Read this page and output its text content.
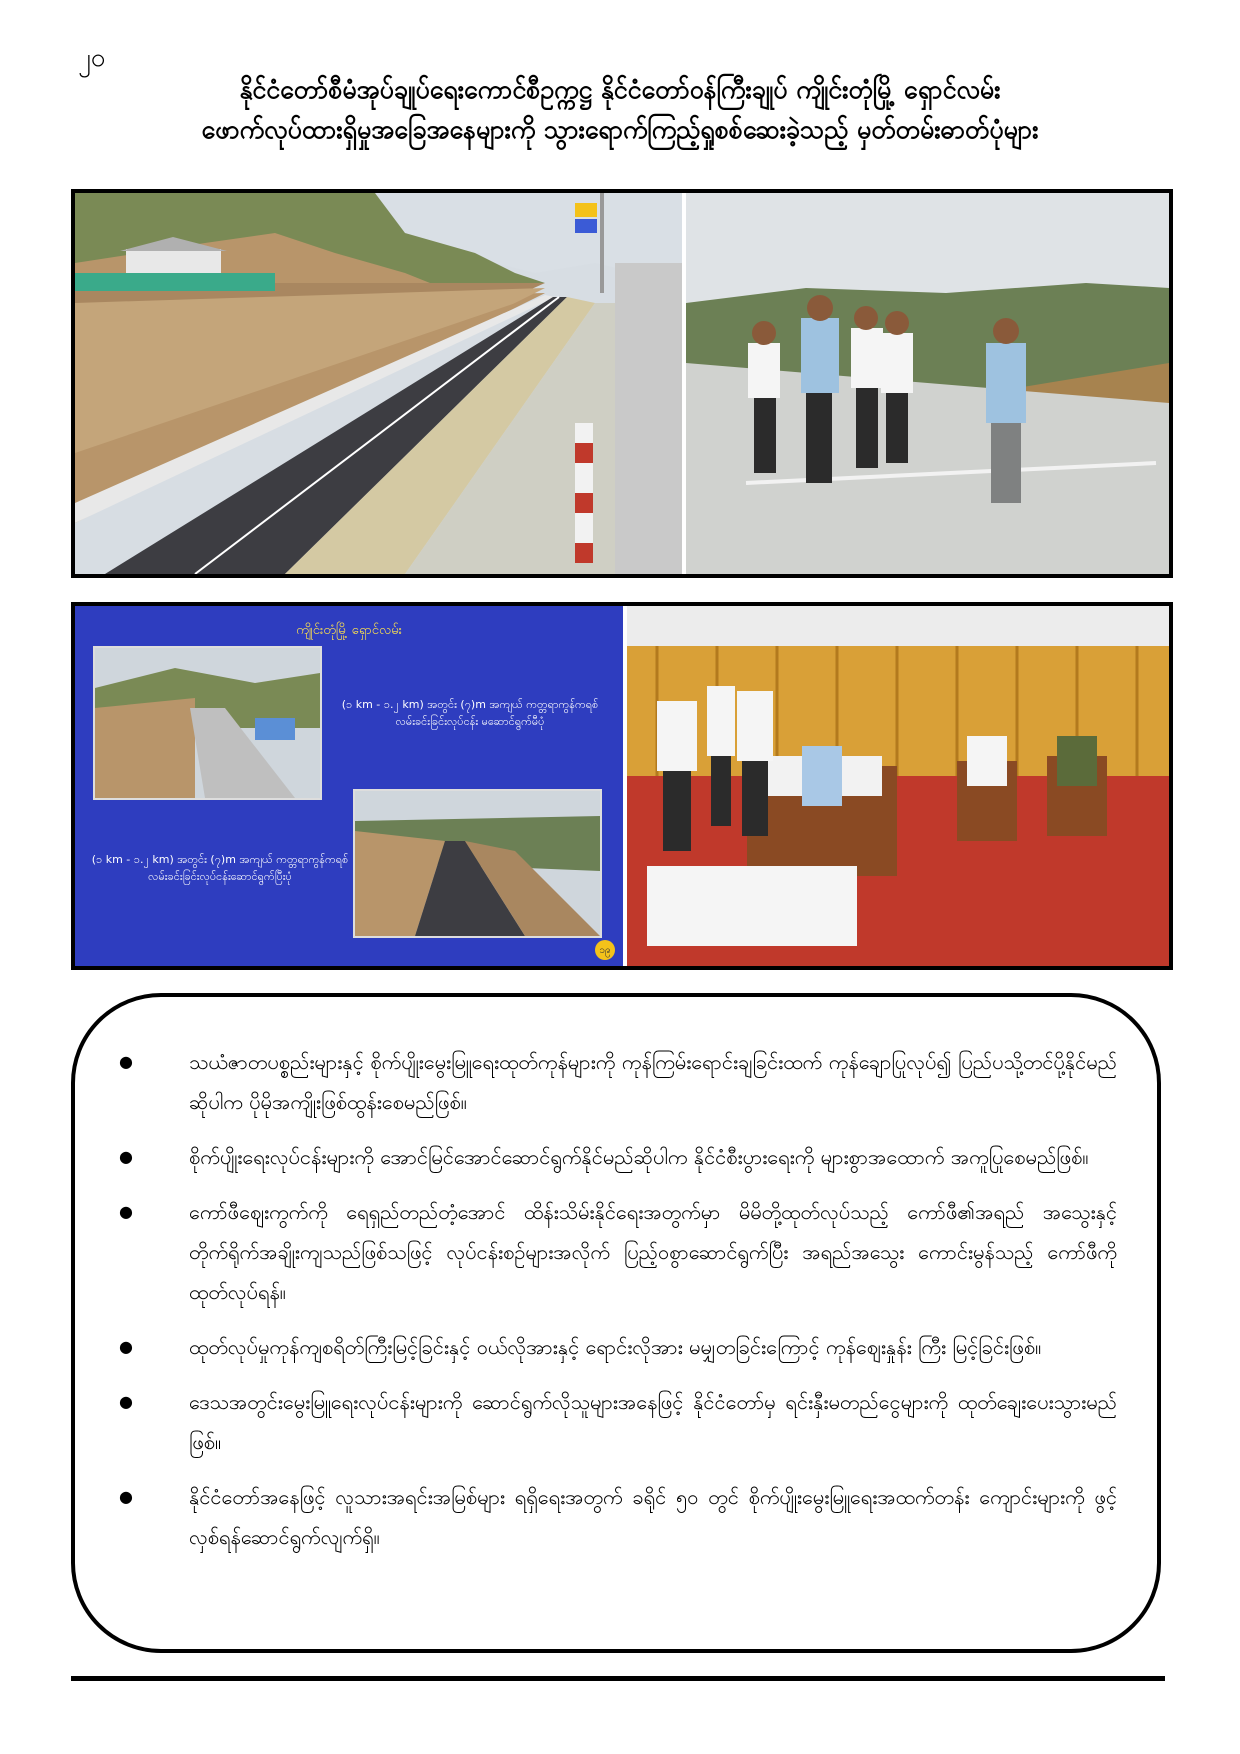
၂၀
နိုင်ငံတော်စီမံအုပ်ချုပ်ရေးကောင်စီဥက္ကဋ္ဌ နိုင်ငံတော်ဝန်ကြီးချုပ် ကျိုင်းတုံမြို့ ရှောင်လမ်း
ဖောက်လုပ်ထားရှိမှုအခြေအနေများကို သွားရောက်ကြည့်ရှုစစ်ဆေးခဲ့သည့် မှတ်တမ်းဓာတ်ပုံများ
ကျိုင်းတုံမြို့ ရှောင်လမ်း
(၁ km - ၁.၂ km) အတွင်း (၇)m အကျယ် ကတ္တရာကွန်ကရစ်လမ်းခင်းခြင်းလုပ်ငန်း မဆောင်ရွက်မီပုံ
(၁ km - ၁.၂ km) အတွင်း (၇)m အကျယ် ကတ္တရာကွန်ကရစ်လမ်းခင်းခြင်းလုပ်ငန်းဆောင်ရွက်ပြီးပုံ
၁၉
● သယံဇာတပစ္စည်းများနှင့် စိုက်ပျိုးမွေးမြူရေးထုတ်ကုန်များကို ကုန်ကြမ်းရောင်းချခြင်းထက် ကုန်ချောပြုလုပ်၍ ပြည်ပသို့တင်ပို့နိုင်မည်ဆိုပါက ပိုမိုအကျိုးဖြစ်ထွန်းစေမည်ဖြစ်။
● စိုက်ပျိုးရေးလုပ်ငန်းများကို အောင်မြင်အောင်ဆောင်ရွက်နိုင်မည်ဆိုပါက နိုင်ငံစီးပွားရေးကို များစွာအထောက် အကူပြုစေမည်ဖြစ်။
● ကော်ဖီဈေးကွက်ကို ရေရှည်တည်တံ့အောင် ထိန်းသိမ်းနိုင်ရေးအတွက်မှာ မိမိတို့ထုတ်လုပ်သည့် ကော်ဖီ၏အရည် အသွေးနှင့် တိုက်ရိုက်အချိုးကျသည်ဖြစ်သဖြင့် လုပ်ငန်းစဉ်များအလိုက် ပြည့်ဝစွာဆောင်ရွက်ပြီး အရည်အသွေး ကောင်းမွန်သည့် ကော်ဖီကို ထုတ်လုပ်ရန်။
● ထုတ်လုပ်မှုကုန်ကျစရိတ်ကြီးမြင့်ခြင်းနှင့် ဝယ်လိုအားနှင့် ရောင်းလိုအား မမျှတခြင်းကြောင့် ကုန်ဈေးနှုန်း ကြီး မြင့်ခြင်းဖြစ်။
● ဒေသအတွင်းမွေးမြူရေးလုပ်ငန်းများကို ဆောင်ရွက်လိုသူများအနေဖြင့် နိုင်ငံတော်မှ ရင်းနှီးမတည်ငွေများကို ထုတ်ချေးပေးသွားမည်ဖြစ်။
● နိုင်ငံတော်အနေဖြင့် လူသားအရင်းအမြစ်များ ရရှိရေးအတွက် ခရိုင် ၅၀ တွင် စိုက်ပျိုးမွေးမြူရေးအထက်တန်း ကျောင်းများကို ဖွင့်လှစ်ရန်ဆောင်ရွက်လျက်ရှိ။
